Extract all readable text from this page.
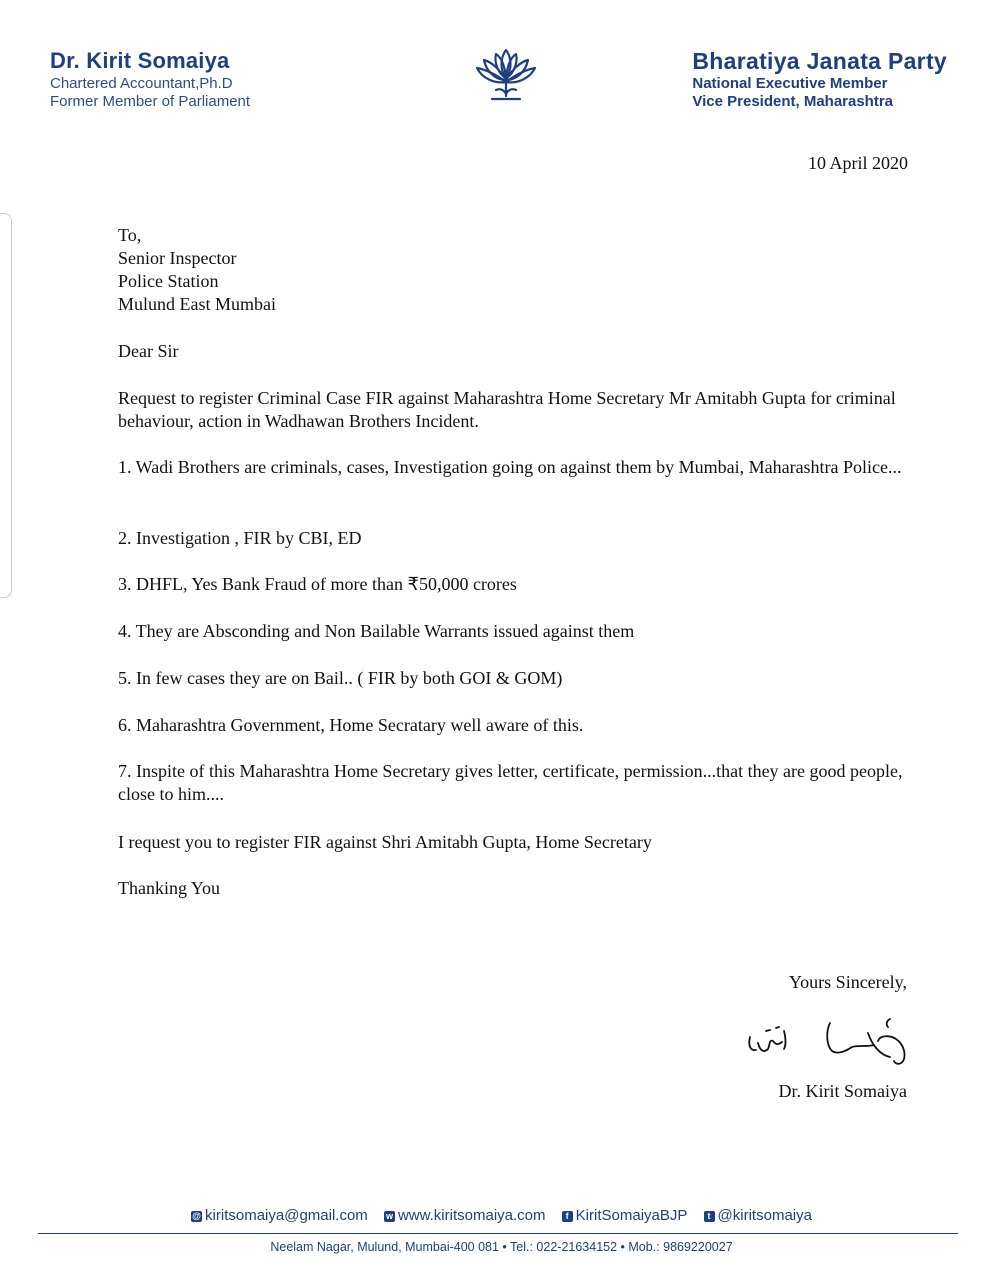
Dr. Kirit Somaiya
Chartered Accountant,Ph.D
Former Member of Parliament
Bharatiya Janata Party
National Executive Member
Vice President, Maharashtra
10 April 2020
To,
Senior Inspector
Police Station
Mulund East Mumbai
Dear Sir
Request to register Criminal Case FIR against Maharashtra Home Secretary Mr Amitabh Gupta for criminal behaviour, action in Wadhawan Brothers Incident.
1. Wadi Brothers are criminals, cases, Investigation going on against them by Mumbai, Maharashtra Police...
2. Investigation , FIR by CBI, ED
3. DHFL, Yes Bank Fraud of more than ₹50,000 crores
4. They are Absconding and Non Bailable Warrants issued against them
5. In few cases they are on Bail.. ( FIR by both GOI & GOM)
6. Maharashtra Government, Home Secratary well aware of this.
7. Inspite of this Maharashtra Home Secretary gives letter, certificate, permission...that they are good people, close to him....
I request you to register FIR against Shri Amitabh Gupta, Home Secretary
Thanking You
Yours Sincerely,
Dr. Kirit Somaiya
@ kiritsomaiya@gmail.com w www.kiritsomaiya.com f KiritSomaiyaBJP t @kiritsomaiya
Neelam Nagar, Mulund, Mumbai-400 081 • Tel.: 022-21634152 • Mob.: 9869220027
